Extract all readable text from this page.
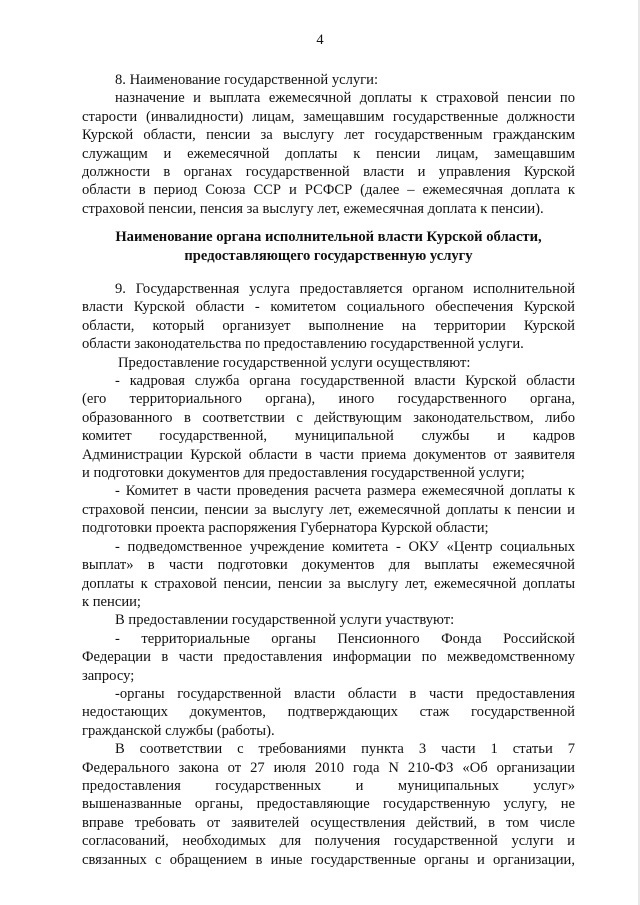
4
8. Наименование государственной услуги:
назначение и выплата ежемесячной доплаты к страховой пенсии по
старости (инвалидности) лицам, замещавшим государственные должности
Курской области, пенсии за выслугу лет государственным гражданским
служащим и ежемесячной доплаты к пенсии лицам, замещавшим
должности в органах государственной власти и управления Курской
области в период Союза ССР и РСФСР (далее – ежемесячная доплата к
страховой пенсии, пенсия за выслугу лет, ежемесячная доплата к пенсии).
Наименование органа исполнительной власти Курской области,
предоставляющего государственную услугу
9. Государственная услуга предоставляется органом исполнительной
власти Курской области - комитетом социального обеспечения Курской
области, который организует выполнение на территории Курской
области законодательства по предоставлению государственной услуги.
Предоставление государственной услуги осуществляют:
- кадровая служба органа государственной власти Курской области
(его территориального органа), иного государственного органа,
образованного в соответствии с действующим законодательством, либо
комитет государственной, муниципальной службы и кадров
Администрации Курской области в части приема документов от заявителя
и подготовки документов для предоставления государственной услуги;
- Комитет в части проведения расчета размера ежемесячной доплаты к
страховой пенсии, пенсии за выслугу лет, ежемесячной доплаты к пенсии и
подготовки проекта распоряжения Губернатора Курской области;
- подведомственное учреждение комитета - ОКУ «Центр социальных
выплат» в части подготовки документов для выплаты ежемесячной
доплаты к страховой пенсии, пенсии за выслугу лет, ежемесячной доплаты
к пенсии;
В предоставлении государственной услуги участвуют:
- территориальные органы Пенсионного Фонда Российской
Федерации в части предоставления информации по межведомственному
запросу;
-органы государственной власти области в части предоставления
недостающих документов, подтверждающих стаж государственной
гражданской службы (работы).
В соответствии с требованиями пункта 3 части 1 статьи 7
Федерального закона от 27 июля 2010 года N 210-ФЗ «Об организации
предоставления государственных и муниципальных услуг»
вышеназванные органы, предоставляющие государственную услугу, не
вправе требовать от заявителей осуществления действий, в том числе
согласований, необходимых для получения государственной услуги и
связанных с обращением в иные государственные органы и организации,
